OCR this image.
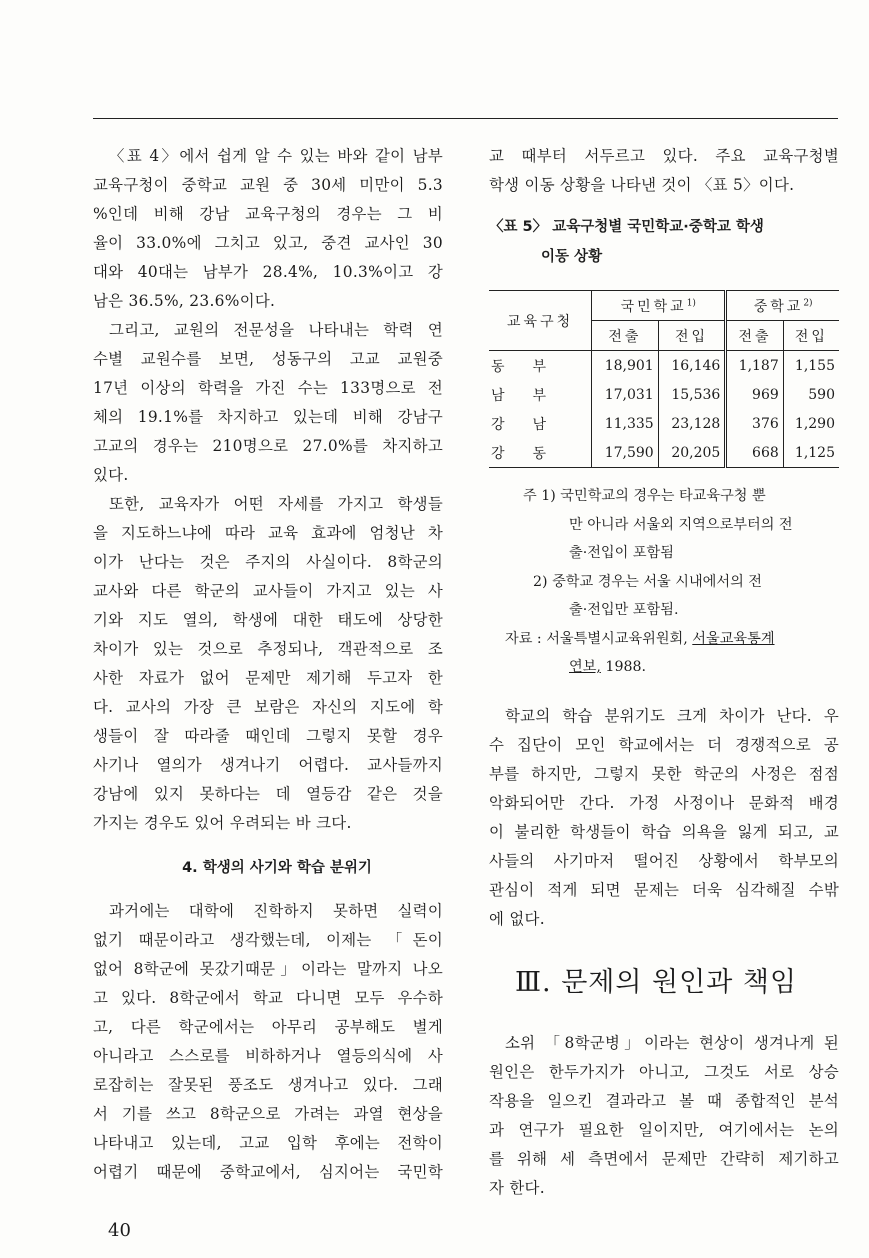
〈표 4〉에서 쉽게 알 수 있는 바와 같이 남부

교육구청이 중학교 교원 중 30세 미만이 5.3

%인데 비해 강남 교육구청의 경우는 그 비

율이 33.0%에 그치고 있고, 중견 교사인 30

대와 40대는 남부가 28.4%, 10.3%이고 강

남은 36.5%, 23.6%이다.

그리고, 교원의 전문성을 나타내는 학력 연

수별 교원수를 보면, 성동구의 고교 교원중

17년 이상의 학력을 가진 수는 133명으로 전

체의 19.1%를 차지하고 있는데 비해 강남구

고교의 경우는 210명으로 27.0%를 차지하고

있다.

또한, 교육자가 어떤 자세를 가지고 학생들

을 지도하느냐에 따라 교육 효과에 엄청난 차

이가 난다는 것은 주지의 사실이다. 8학군의

교사와 다른 학군의 교사들이 가지고 있는 사

기와 지도 열의, 학생에 대한 태도에 상당한

차이가 있는 것으로 추정되나, 객관적으로 조

사한 자료가 없어 문제만 제기해 두고자 한

다. 교사의 가장 큰 보람은 자신의 지도에 학

생들이 잘 따라줄 때인데 그렇지 못할 경우

사기나 열의가 생겨나기 어렵다. 교사들까지

강남에 있지 못하다는 데 열등감 같은 것을

가지는 경우도 있어 우려되는 바 크다.

4. 학생의 사기와 학습 분위기

과거에는 대학에 진학하지 못하면 실력이

없기 때문이라고 생각했는데, 이제는 「돈이

없어 8학군에 못갔기때문」이라는 말까지 나오

고 있다. 8학군에서 학교 다니면 모두 우수하

고, 다른 학군에서는 아무리 공부해도 별게

아니라고 스스로를 비하하거나 열등의식에 사

로잡히는 잘못된 풍조도 생겨나고 있다. 그래

서 기를 쓰고 8학군으로 가려는 과열 현상을

나타내고 있는데, 고교 입학 후에는 전학이

어렵기 때문에 중학교에서, 심지어는 국민학

교 때부터 서두르고 있다. 주요 교육구청별

학생 이동 상황을 나타낸 것이 〈표 5〉이다.

〈표 5〉 교육구청별 국민학교·중학교 학생
이동 상황

교육구청	국민학교$^{1)}$		중학교$^{2)}$
	전출	전입	전출	전입
동부	18,901	16,146	1,187	1,155
남부	17,031	15,536	969	590
강남	11,335	23,128	376	1,290
강동	17,590	20,205	668	1,125
주 1) 국민학교의 경우는 타교육구청 뿐
만 아니라 서울외 지역으로부터의 전
출·전입이 포함됨
2) 중학교 경우는 서울 시내에서의 전
출·전입만 포함됨.
자료 : 서울특별시교육위원회, 서울교육통계
연보, 1988.

학교의 학습 분위기도 크게 차이가 난다. 우

수 집단이 모인 학교에서는 더 경쟁적으로 공

부를 하지만, 그렇지 못한 학군의 사정은 점점

악화되어만 간다. 가정 사정이나 문화적 배경

이 불리한 학생들이 학습 의욕을 잃게 되고, 교

사들의 사기마저 떨어진 상황에서 학부모의

관심이 적게 되면 문제는 더욱 심각해질 수밖

에 없다.

Ⅲ. 문제의 원인과 책임

소위 「8학군병」이라는 현상이 생겨나게 된

원인은 한두가지가 아니고, 그것도 서로 상승

작용을 일으킨 결과라고 볼 때 종합적인 분석

과 연구가 필요한 일이지만, 여기에서는 논의

를 위해 세 측면에서 문제만 간략히 제기하고

자 한다.

40
